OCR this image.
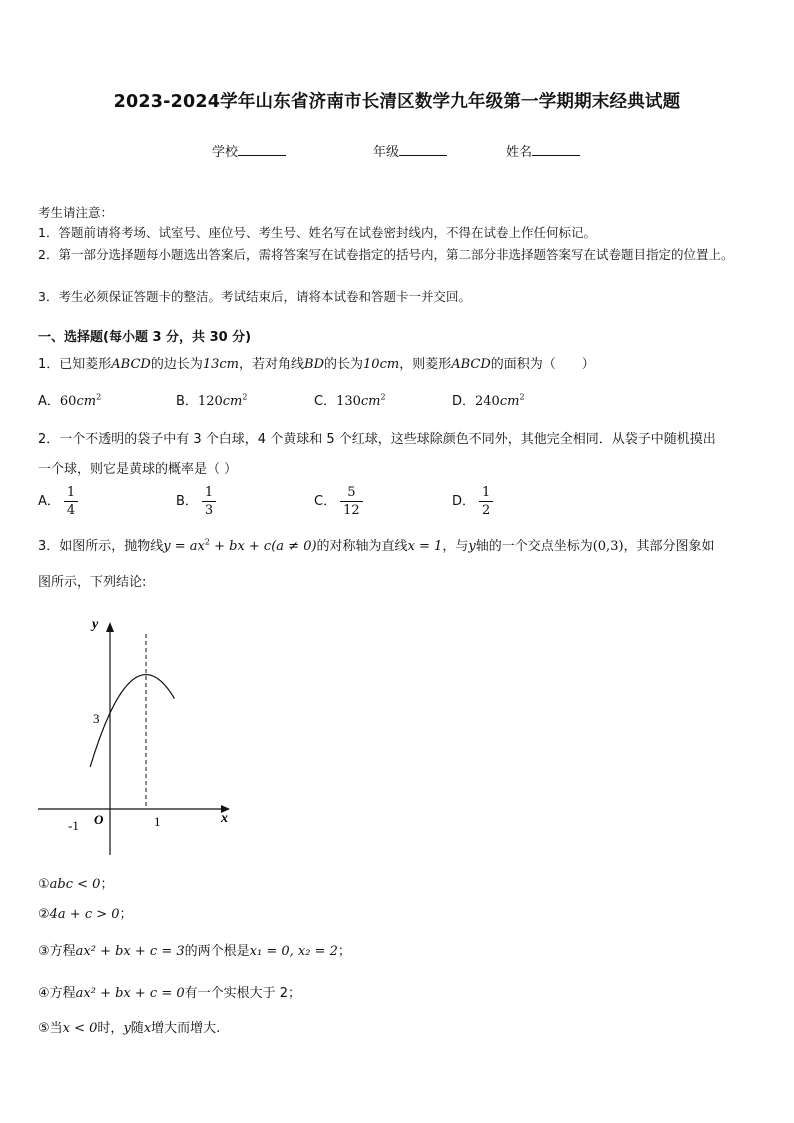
2023-2024学年山东省济南市长清区数学九年级第一学期期末经典试题
学校	年级	姓名
考生请注意：
1．答题前请将考场、试室号、座位号、考生号、姓名写在试卷密封线内，不得在试卷上作任何标记。
2．第一部分选择题每小题选出答案后，需将答案写在试卷指定的括号内，第二部分非选择题答案写在试卷题目指定的位置上。
3．考生必须保证答题卡的整洁。考试结束后，请将本试卷和答题卡一并交回。
一、选择题(每小题 3 分，共 30 分)
1．已知菱形ABCD的边长为13cm，若对角线BD的长为10cm，则菱形ABCD的面积为（　　）
A．$60cm^2$	B．$120cm^2$	C．$130cm^2$	D．$240cm^2$
2．一个不透明的袋子中有 3 个白球，4 个黄球和 5 个红球，这些球除颜色不同外，其他完全相同．从袋子中随机摸出
一个球，则它是黄球的概率是（ ）
A． $\frac{1}{4}$	B． $\frac{1}{3}$	C． $\frac{5}{12}$	D． $\frac{1}{2}$
3．如图所示，抛物线$y = ax^2$ + bx + c(a ≠ 0)的对称轴为直线x = 1，与y轴的一个交点坐标为(0,3)，其部分图象如
图所示，下列结论:
y
x
3
-1 O	1
①abc < 0；
②4a + c > 0；
③方程ax² + bx + c = 3的两个根是x₁ = 0, x₂ = 2；
④方程ax² + bx + c = 0有一个实根大于 2；
⑤当x < 0时，y随x增大而增大.
